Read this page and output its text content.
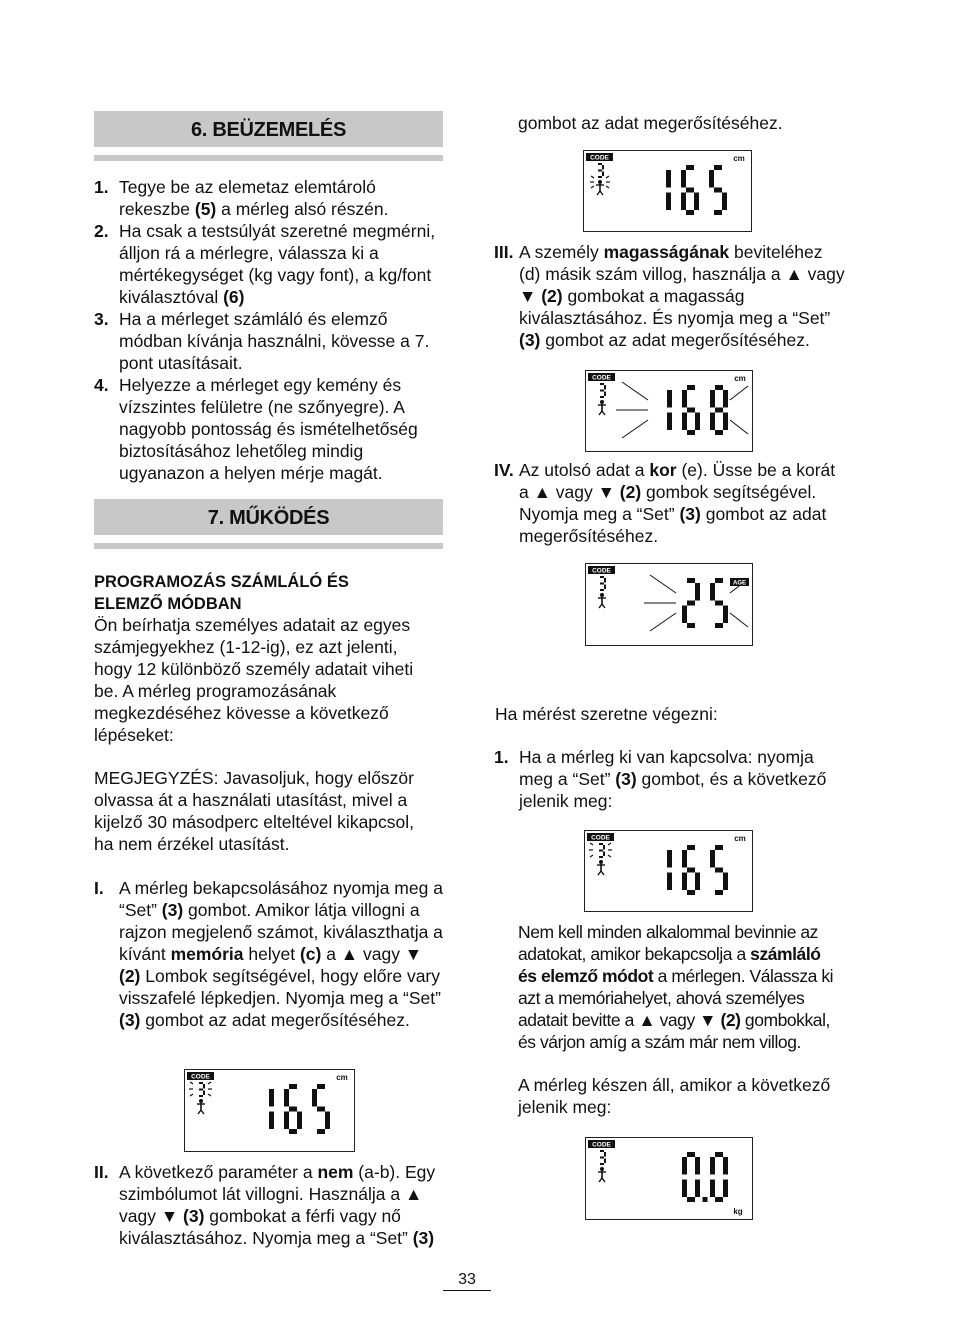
6. BEÜZEMELÉS
1. Tegye be az elemetaz elemtároló rekeszbe (5) a mérleg alsó részén.
2. Ha csak a testsúlyát szeretné megmérni, álljon rá a mérlegre, válassza ki a mértékegységet (kg vagy font), a kg/font kiválasztóval (6)
3. Ha a mérleget számláló és elemző módban kívánja használni, kövesse a 7. pont utasításait.
4. Helyezze a mérleget egy kemény és vízszintes felületre (ne szőnyegre). A nagyobb pontosság és ismételhetőség biztosításához lehetőleg mindig ugyanazon a helyen mérje magát.
7. MŰKÖDÉS
PROGRAMOZÁS SZÁMLÁLÓ ÉS ELEMZŐ MÓDBAN
Ön beírhatja személyes adatait az egyes számjegyekhez (1-12-ig), ez azt jelenti, hogy 12 különböző személy adatait viheti be. A mérleg programozásának megkezdéséhez kövesse a következő lépéseket:
MEGJEGYZÉS: Javasoljuk, hogy először olvassa át a használati utasítást, mivel a kijelző 30 másodperc elteltével kikapcsol, ha nem érzékel utasítást.
I. A mérleg bekapcsolásához nyomja meg a “Set” (3) gombot. Amikor látja villogni a rajzon megjelenő számot, kiválaszthatja a kívánt memória helyet (c) a ▲ vagy ▼ (2) Lombok segítségével, hogy előre vary visszafelé lépkedjen. Nyomja meg a “Set” (3) gombot az adat megerősítéséhez.
CODE	cm
II. A következő paraméter a nem (a-b). Egy szimbólumot lát villogni. Használja a ▲ vagy ▼ (3) gombokat a férfi vagy nő kiválasztásához. Nyomja meg a “Set” (3)
gombot az adat megerősítéséhez.
CODE	cm
III. A személy magasságának beviteléhez (d) másik szám villog, használja a ▲ vagy ▼ (2) gombokat a magasság kiválasztásához. És nyomja meg a “Set” (3) gombot az adat megerősítéséhez.
CODE	cm
IV. Az utolsó adat a kor (e). Üsse be a korát a ▲ vagy ▼ (2) gombok segítségével. Nyomja meg a “Set” (3) gombot az adat megerősítéséhez.
CODE
AGE
Ha mérést szeretne végezni:
1. Ha a mérleg ki van kapcsolva: nyomja meg a “Set” (3) gombot, és a következő jelenik meg:
CODE	cm
Nem kell minden alkalommal bevinnie az adatokat, amikor bekapcsolja a számláló és elemző módot a mérlegen. Válassza ki azt a memóriahelyet, ahová személyes adatait bevitte a ▲ vagy ▼ (2) gombokkal, és várjon amíg a szám már nem villog.
A mérleg készen áll, amikor a következő jelenik meg:
CODE
kg
33
